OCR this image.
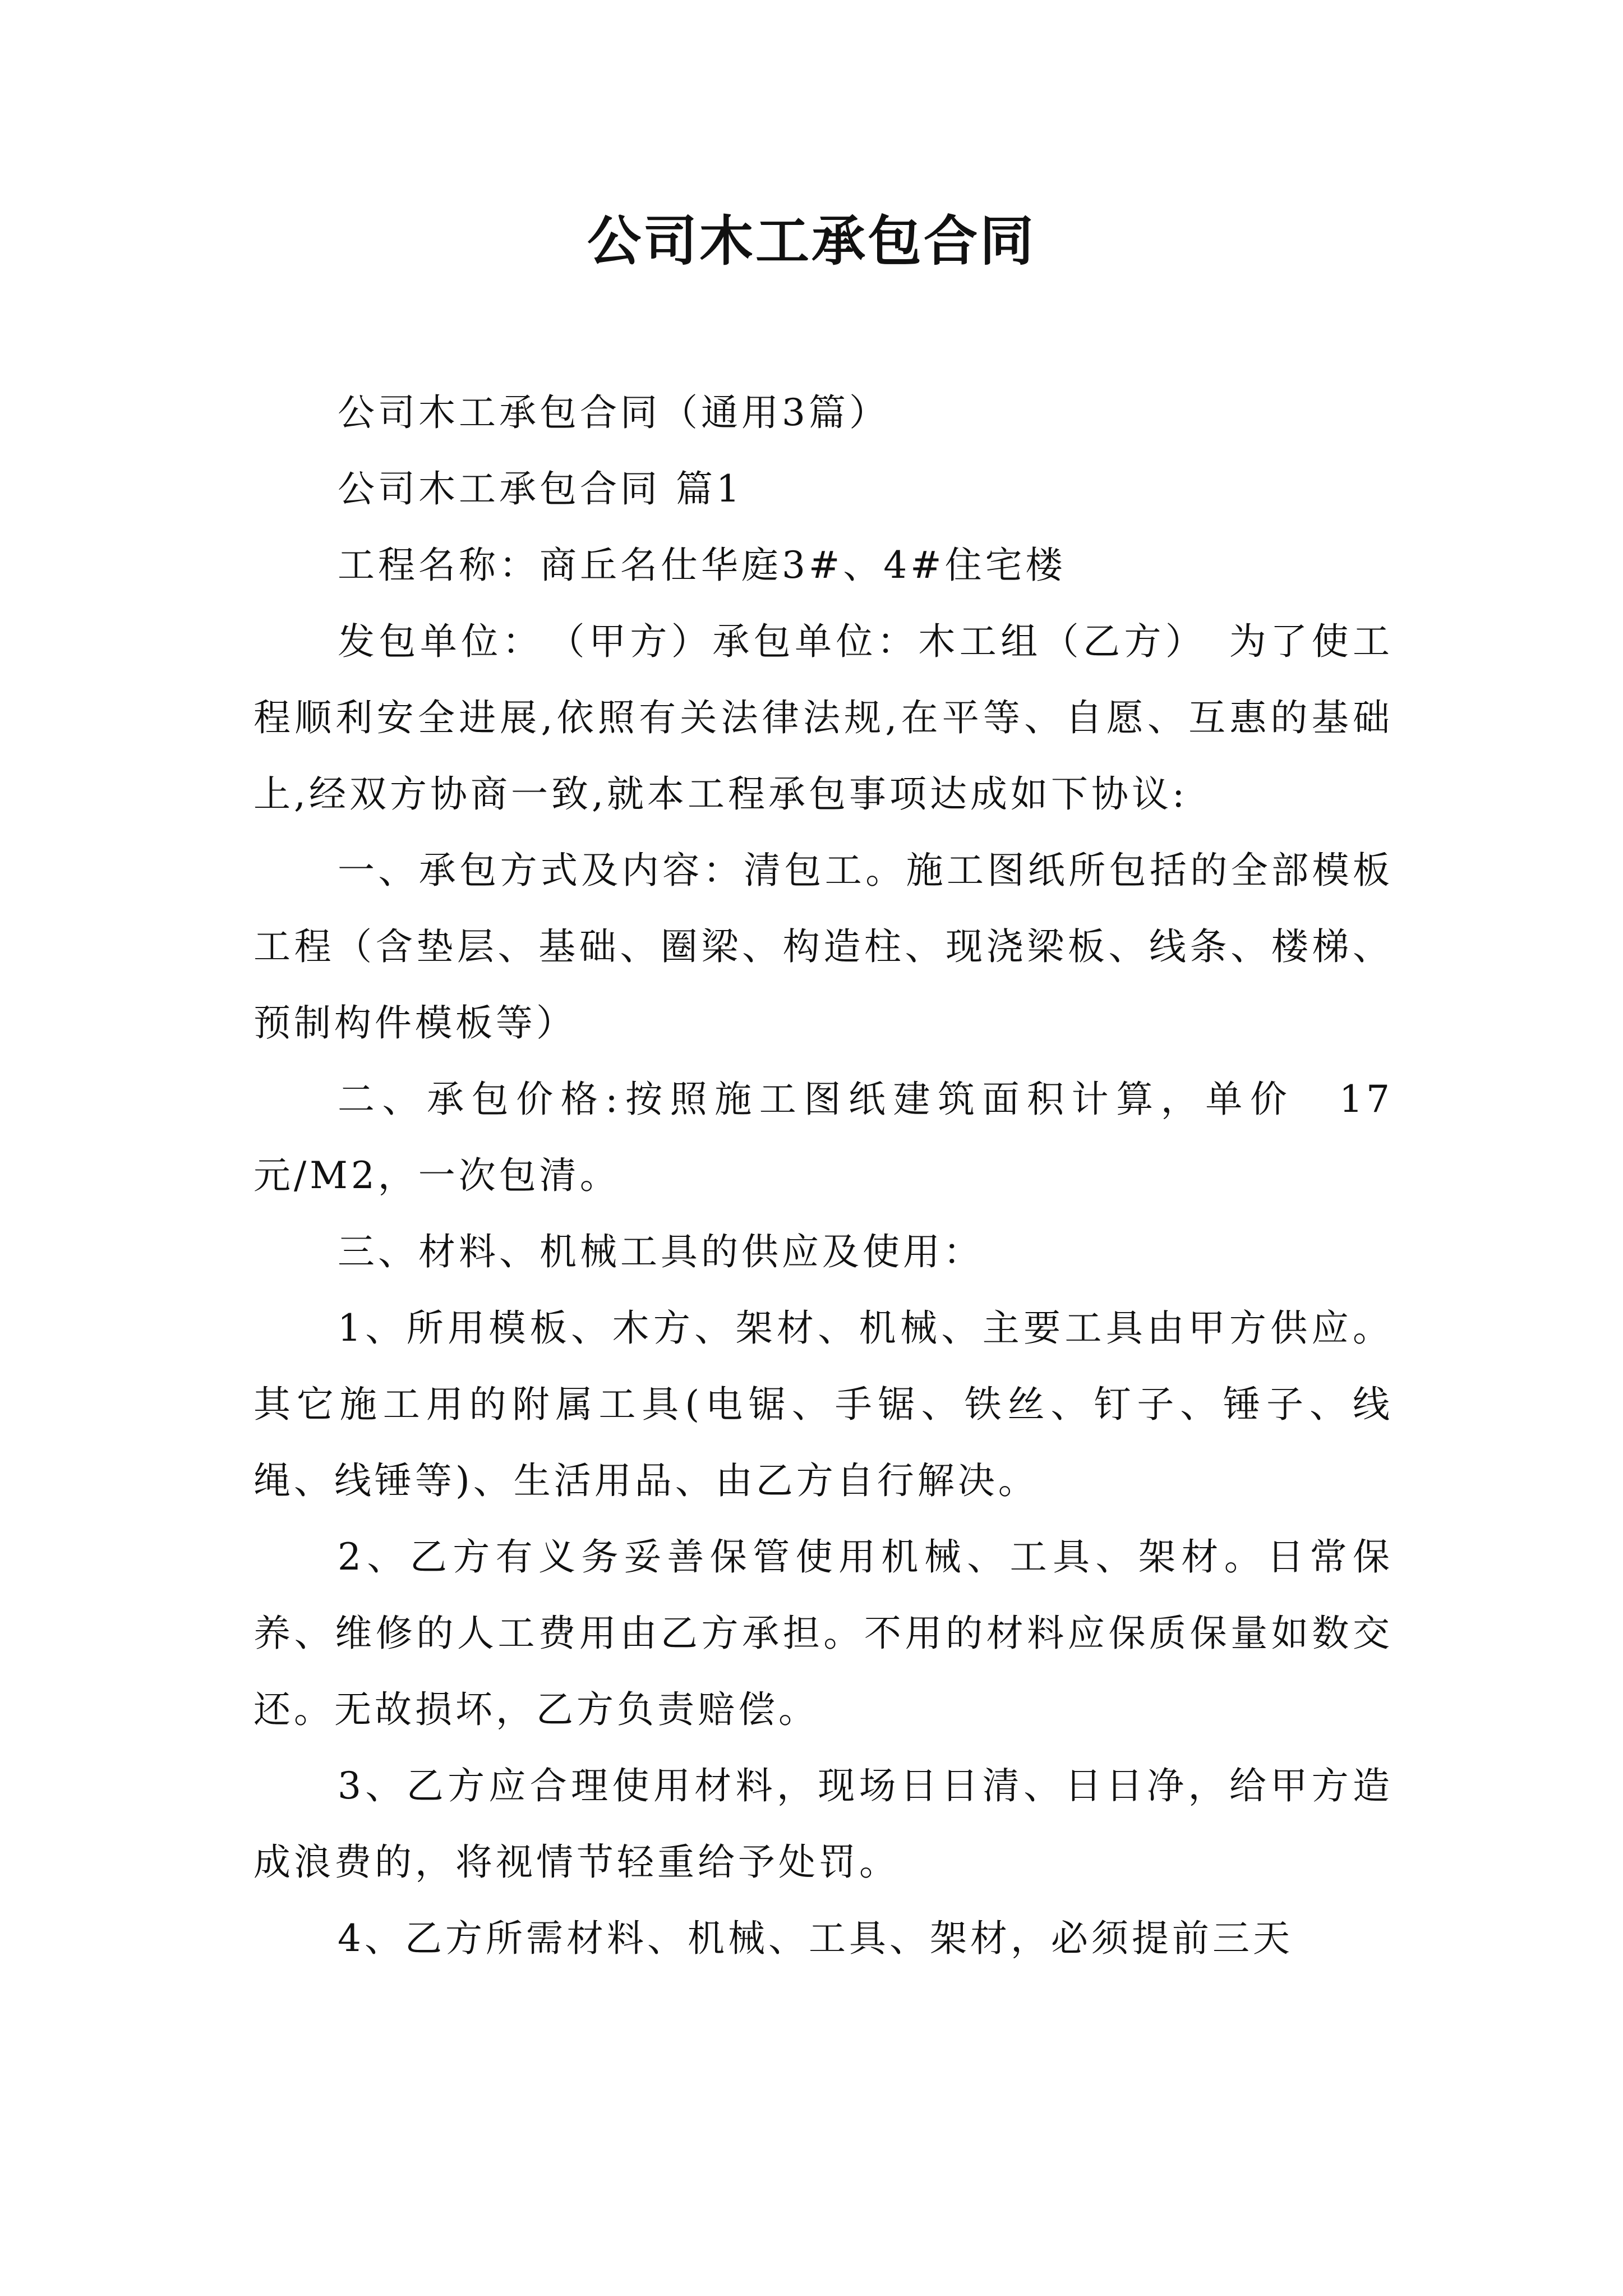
公司木工承包合同

公司木工承包合同（通用3篇）

公司木工承包合同 篇1

工程名称：商丘名仕华庭3#、4#住宅楼

发包单位：　（甲方）承包单位：木工组（乙方）　为了使工程顺利安全进展,依照有关法律法规,在平等、自愿、互惠的基础上,经双方协商一致,就本工程承包事项达成如下协议:

一、承包方式及内容：清包工。施工图纸所包括的全部模板工程（含垫层、基础、圈梁、构造柱、现浇梁板、线条、楼梯、预制构件模板等）

二、承包价格:按照施工图纸建筑面积计算，单价　17元/M2，一次包清。

三、材料、机械工具的供应及使用：

1、所用模板、木方、架材、机械、主要工具由甲方供应。其它施工用的附属工具(电锯、手锯、铁丝、钉子、锤子、线绳、线锤等)、生活用品、由乙方自行解决。

2、乙方有义务妥善保管使用机械、工具、架材。日常保养、维修的人工费用由乙方承担。不用的材料应保质保量如数交还。无故损坏，乙方负责赔偿。

3、乙方应合理使用材料，现场日日清、日日净，给甲方造成浪费的，将视情节轻重给予处罚。

4、乙方所需材料、机械、工具、架材，必须提前三天
